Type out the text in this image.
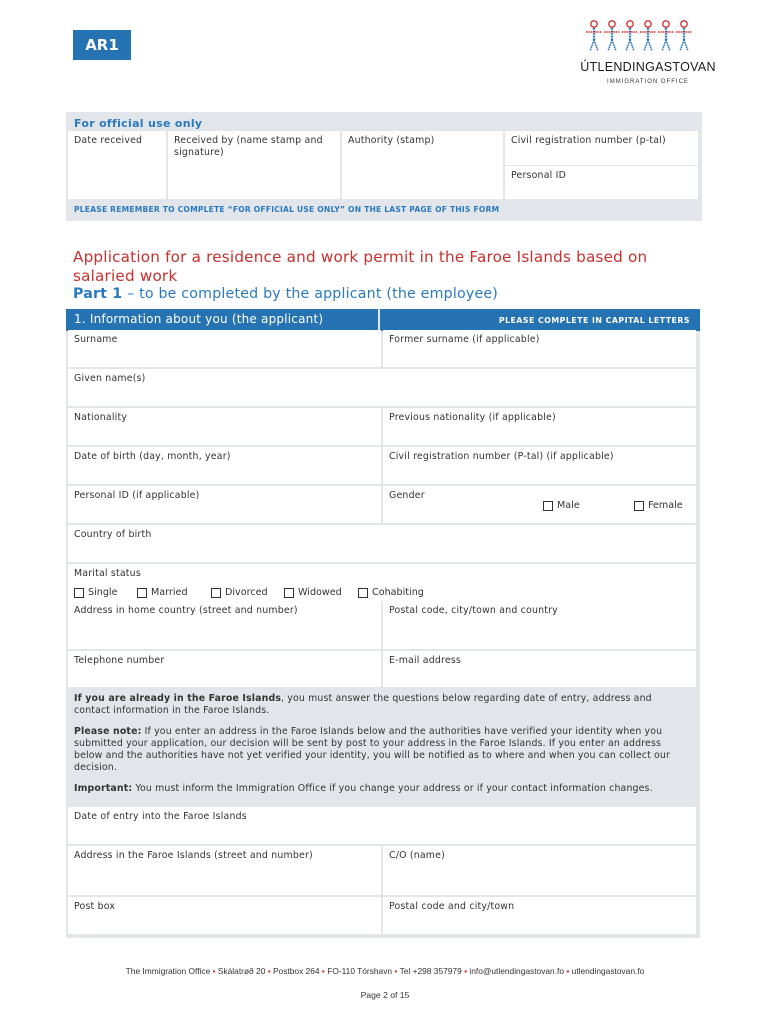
AR1
ÚTLENDINGASTOVAN
IMMIGRATION OFFICE
For official use only
Date received	Received by (name stamp and signature)
Authority (stamp)	Civil registration number (p-tal)
Personal ID
PLEASE REMEMBER TO COMPLETE “FOR OFFICIAL USE ONLY” ON THE LAST PAGE OF THIS FORM
Application for a residence and work permit in the Faroe Islands based on salaried work
Part 1 – to be completed by the applicant (the employee)
1. Information about you (the applicant)	PLEASE COMPLETE IN CAPITAL LETTERS
Surname	Former surname (if applicable)
Given name(s)
Nationality	Previous nationality (if applicable)
Date of birth (day, month, year)	Civil registration number (P-tal) (if applicable)
Personal ID (if applicable)	Gender
Male	Female
Country of birth
Marital status
Single	Married	Divorced	Widowed	Cohabiting
Address in home country (street and number)	Postal code, city/town and country
Telephone number	E-mail address
If you are already in the Faroe Islands, you must answer the questions below regarding date of entry, address and contact information in the Faroe Islands.
Please note: If you enter an address in the Faroe Islands below and the authorities have verified your identity when you submitted your application, our decision will be sent by post to your address in the Faroe Islands. If you enter an address below and the authorities have not yet verified your identity, you will be notified as to where and when you can collect our decision.
Important: You must inform the Immigration Office if you change your address or if your contact information changes.
Date of entry into the Faroe Islands
Address in the Faroe Islands (street and number)	C/O (name)
Post box	Postal code and city/town
The Immigration Office ▪ Skálatrøð 20 ▪ Postbox 264 ▪ FO-110 Tórshavn ▪ Tel +298 357979 ▪ info@utlendingastovan.fo ▪ utlendingastovan.fo
Page 2 of 15
